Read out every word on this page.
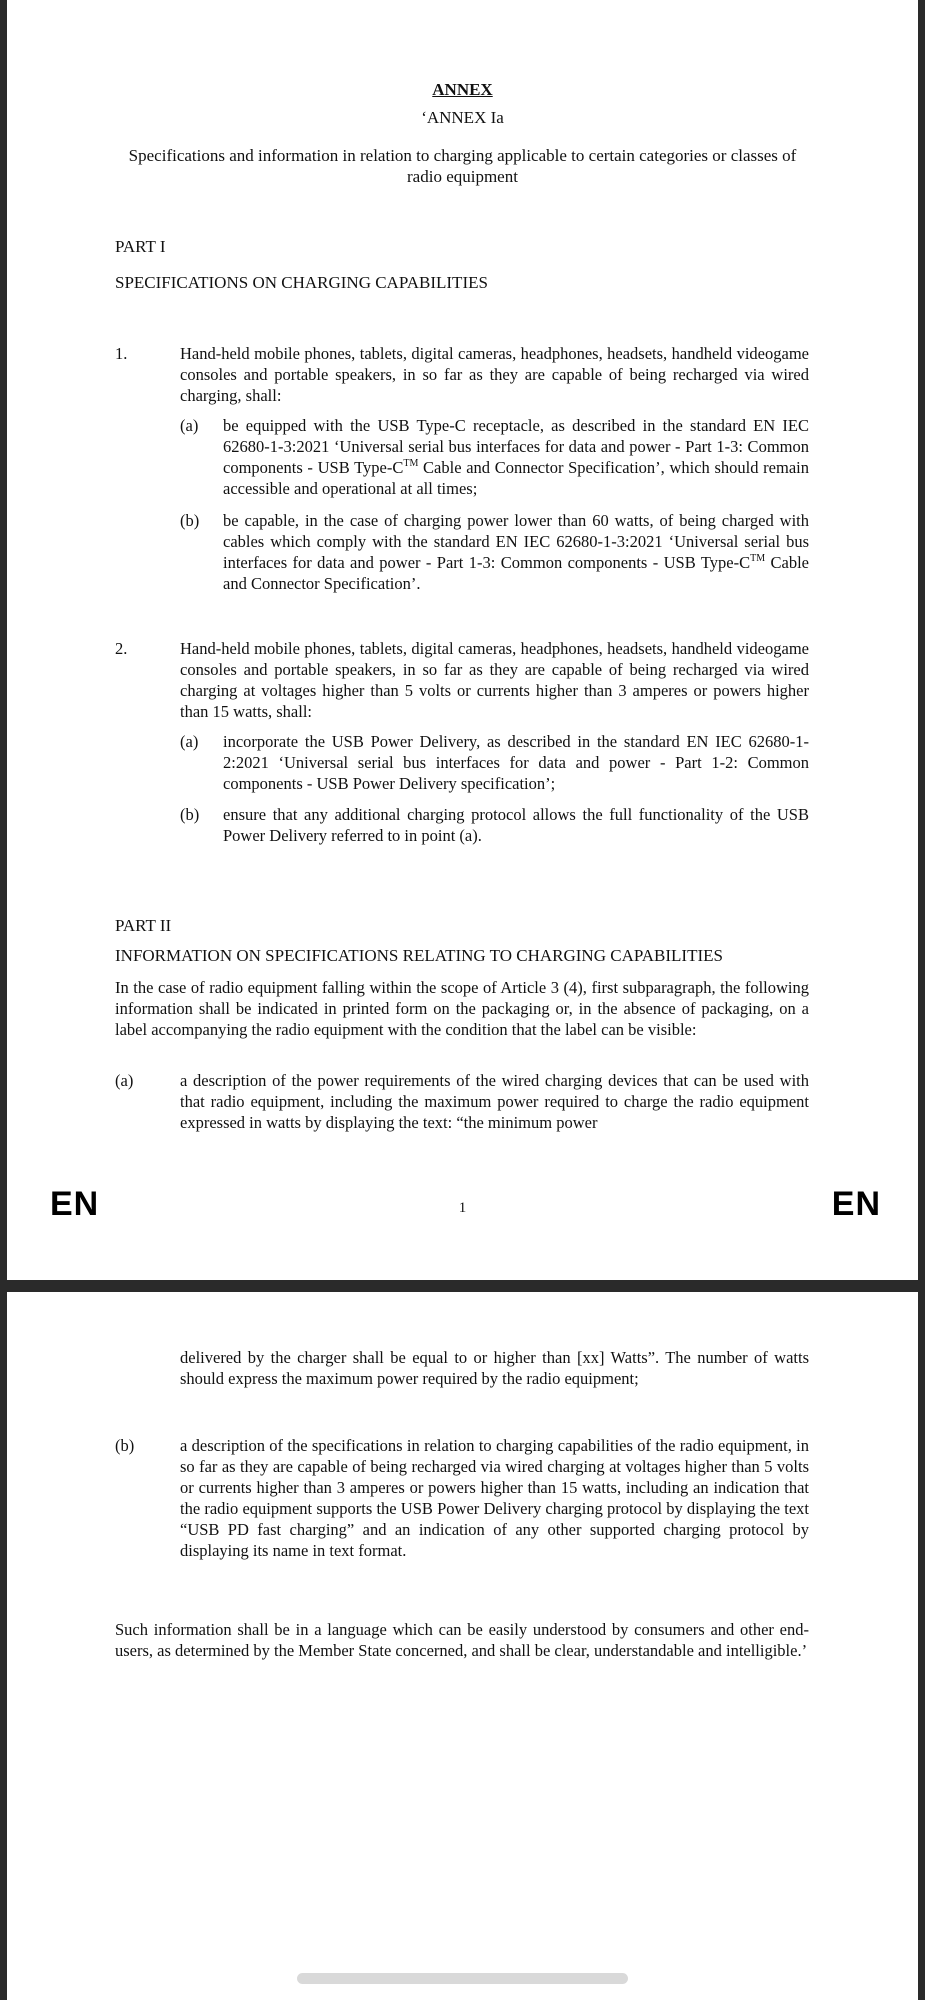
ANNEX
‘ANNEX Ia
Specifications and information in relation to charging applicable to certain categories or classes of radio equipment
PART I
SPECIFICATIONS ON CHARGING CAPABILITIES
1.	Hand-held mobile phones, tablets, digital cameras, headphones, headsets, handheld videogame consoles and portable speakers, in so far as they are capable of being recharged via wired charging, shall:
(a) be equipped with the USB Type-C receptacle, as described in the standard EN IEC 62680-1-3:2021 ‘Universal serial bus interfaces for data and power - Part 1-3: Common components - USB Type-C™ Cable and Connector Specification’, which should remain accessible and operational at all times;
(b) be capable, in the case of charging power lower than 60 watts, of being charged with cables which comply with the standard EN IEC 62680-1-3:2021 ‘Universal serial bus interfaces for data and power - Part 1-3: Common components - USB Type-C™ Cable and Connector Specification’.
2.	Hand-held mobile phones, tablets, digital cameras, headphones, headsets, handheld videogame consoles and portable speakers, in so far as they are capable of being recharged via wired charging at voltages higher than 5 volts or currents higher than 3 amperes or powers higher than 15 watts, shall:
(a) incorporate the USB Power Delivery, as described in the standard EN IEC 62680-1-2:2021 ‘Universal serial bus interfaces for data and power - Part 1-2: Common components - USB Power Delivery specification’;
(b) ensure that any additional charging protocol allows the full functionality of the USB Power Delivery referred to in point (a).
PART II
INFORMATION ON SPECIFICATIONS RELATING TO CHARGING CAPABILITIES
In the case of radio equipment falling within the scope of Article 3 (4), first subparagraph, the following information shall be indicated in printed form on the packaging or, in the absence of packaging, on a label accompanying the radio equipment with the condition that the label can be visible:
(a)	a description of the power requirements of the wired charging devices that can be used with that radio equipment, including the maximum power required to charge the radio equipment expressed in watts by displaying the text: “the minimum power
EN	1	EN
delivered by the charger shall be equal to or higher than [xx] Watts”. The number of watts should express the maximum power required by the radio equipment;
(b)	a description of the specifications in relation to charging capabilities of the radio equipment, in so far as they are capable of being recharged via wired charging at voltages higher than 5 volts or currents higher than 3 amperes or powers higher than 15 watts, including an indication that the radio equipment supports the USB Power Delivery charging protocol by displaying the text “USB PD fast charging” and an indication of any other supported charging protocol by displaying its name in text format.
Such information shall be in a language which can be easily understood by consumers and other end-users, as determined by the Member State concerned, and shall be clear, understandable and intelligible.’
